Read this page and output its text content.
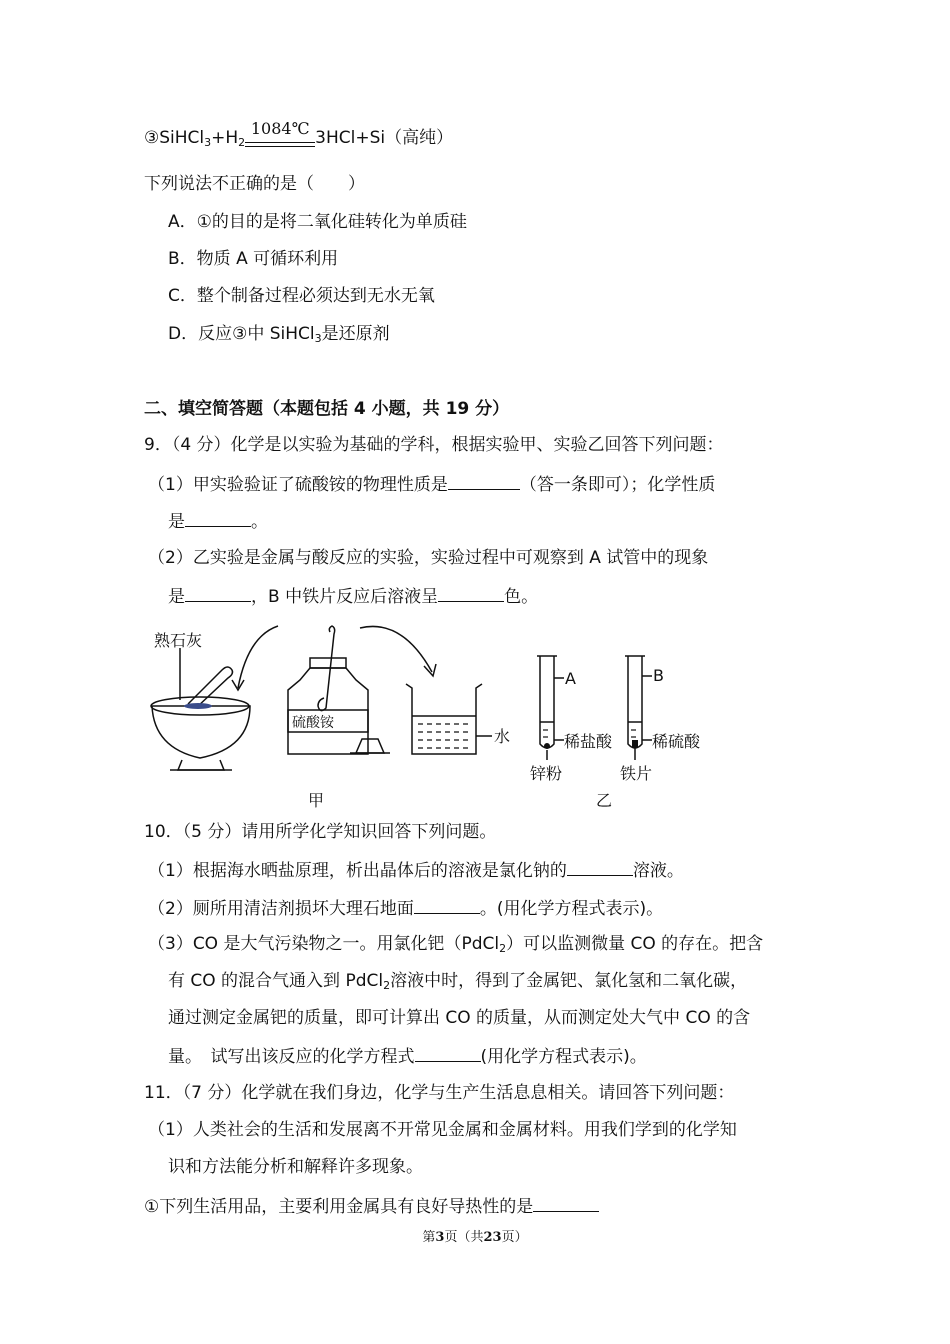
$③SiHCl_3+H_2$
1084℃ 3HCl+Si（高纯）
下列说法不正确的是（　　）
A．①的目的是将二氧化硅转化为单质硅
B．物质 A 可循环利用
C．整个制备过程必须达到无水无氧
D．反应③中 SiHCl$_3$是还原剂
二、填空简答题（本题包括 4 小题，共 19 分）
9．（4 分）化学是以实验为基础的学科，根据实验甲、实验乙回答下列问题：
（1）甲实验验证了硫酸铵的物理性质是	（答一条即可）；化学性质
是	。
（2）乙实验是金属与酸反应的实验，实验过程中可观察到 A 试管中的现象
是	，B 中铁片反应后溶液呈	色。
熟石灰
硫酸铵
水
A	B
稀盐酸 稀硫酸
锌粉	铁片
甲	乙
10．（5 分）请用所学化学知识回答下列问题。
（1）根据海水晒盐原理，析出晶体后的溶液是氯化钠的	溶液。
（2）厕所用清洁剂损坏大理石地面	。(用化学方程式表示)。
（3）CO 是大气污染物之一。用氯化钯（PdCl$_2$）可以监测微量 CO 的存在。把含
有 CO 的混合气通入到 PdCl$_2$溶液中时，得到了金属钯、氯化氢和二氧化碳，
通过测定金属钯的质量，即可计算出 CO 的质量，从而测定处大气中 CO 的含
量。　试写出该反应的化学方程式	(用化学方程式表示)。
11．（7 分）化学就在我们身边，化学与生产生活息息相关。请回答下列问题：
（1）人类社会的生活和发展离不开常见金属和金属材料。用我们学到的化学知
识和方法能分析和解释许多现象。
①下列生活用品，主要利用金属具有良好导热性的是
第3页（共23页）
